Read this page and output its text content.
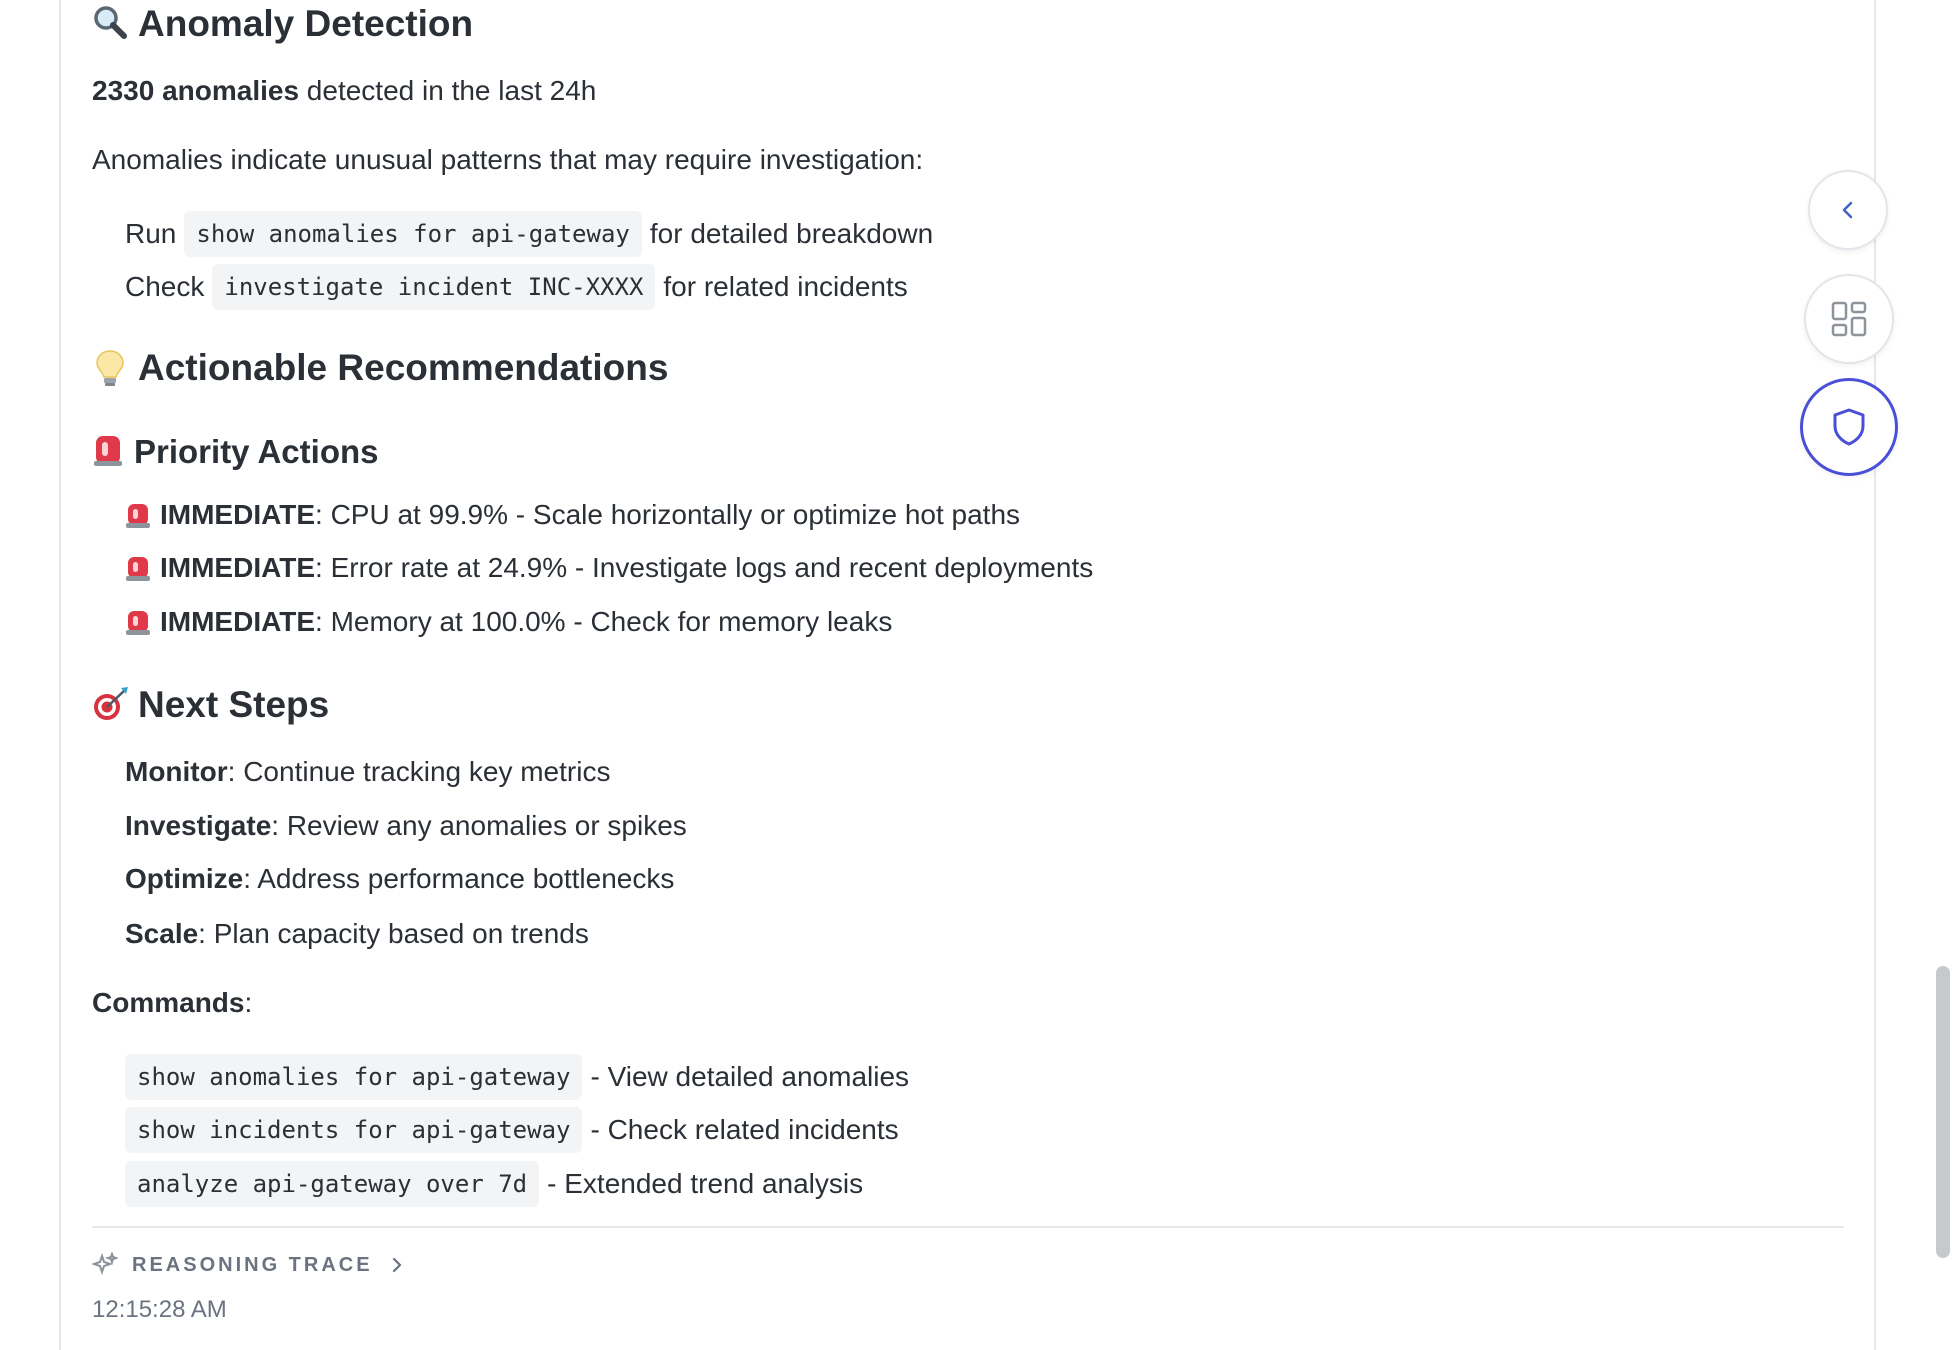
Anomaly Detection

2330 anomalies detected in the last 24h

Anomalies indicate unusual patterns that may require investigation:

Run show anomalies for api-gateway for detailed breakdown
Check investigate incident INC-XXXX for related incidents
Actionable Recommendations
Priority Actions
IMMEDIATE : CPU at 99.9% - Scale horizontally or optimize hot paths
IMMEDIATE : Error rate at 24.9% - Investigate logs and recent deployments
IMMEDIATE : Memory at 100.0% - Check for memory leaks
Next Steps
Monitor : Continue tracking key metrics
Investigate : Review any anomalies or spikes
Optimize : Address performance bottlenecks
Scale : Plan capacity based on trends

Commands:

show anomalies for api-gateway - View detailed anomalies
show incidents for api-gateway - Check related incidents
analyze api-gateway over 7d - Extended trend analysis
REASONING TRACE
12:15:28 AM
